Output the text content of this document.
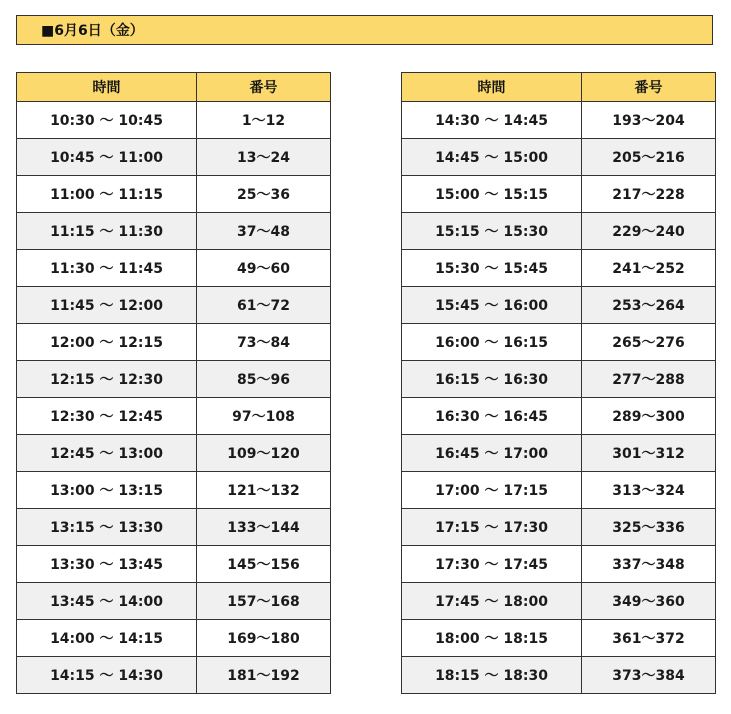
■6月6日（金）
時間	番号
10:30 ～ 10:45	1～12
10:45 ～ 11:00	13～24
11:00 ～ 11:15	25～36
11:15 ～ 11:30	37～48
11:30 ～ 11:45	49～60
11:45 ～ 12:00	61～72
12:00 ～ 12:15	73～84
12:15 ～ 12:30	85～96
12:30 ～ 12:45	97～108
12:45 ～ 13:00	109～120
13:00 ～ 13:15	121～132
13:15 ～ 13:30	133～144
13:30 ～ 13:45	145～156
13:45 ～ 14:00	157～168
14:00 ～ 14:15	169～180
14:15 ～ 14:30	181～192
時間	番号
14:30 ～ 14:45	193～204
14:45 ～ 15:00	205～216
15:00 ～ 15:15	217～228
15:15 ～ 15:30	229～240
15:30 ～ 15:45	241～252
15:45 ～ 16:00	253～264
16:00 ～ 16:15	265～276
16:15 ～ 16:30	277～288
16:30 ～ 16:45	289～300
16:45 ～ 17:00	301～312
17:00 ～ 17:15	313～324
17:15 ～ 17:30	325～336
17:30 ～ 17:45	337～348
17:45 ～ 18:00	349～360
18:00 ～ 18:15	361～372
18:15 ～ 18:30	373～384
